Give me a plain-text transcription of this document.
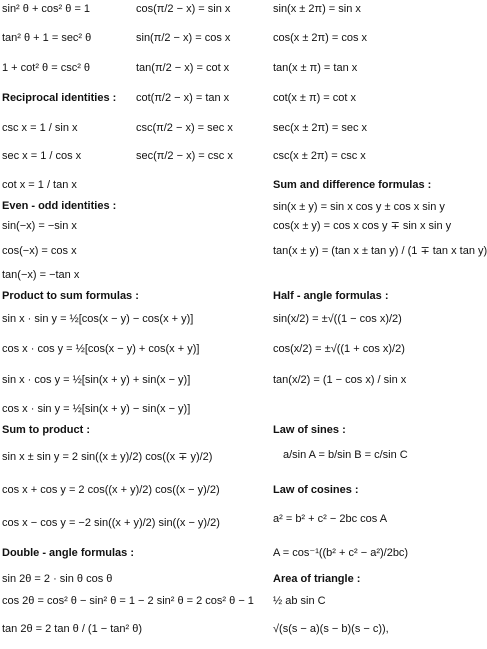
sin² θ + cos² θ = 1
tan² θ + 1 = sec² θ
1 + cot² θ = csc² θ
Reciprocal identities :
csc x = 1 / sin x
sec x = 1 / cos x
cot x = 1 / tan x
Even - odd identities :
sin(−x) = −sin x
cos(−x) = cos x
tan(−x) = −tan x
Product to sum formulas :
sin x · sin y = ½[cos(x − y) − cos(x + y)]
cos x · cos y = ½[cos(x − y) + cos(x + y)]
sin x · cos y = ½[sin(x + y) + sin(x − y)]
cos x · sin y = ½[sin(x + y) − sin(x − y)]
Sum to product :
sin x ± sin y = 2 sin((x ± y)/2) cos((x ∓ y)/2)
cos x + cos y = 2 cos((x + y)/2) cos((x − y)/2)
cos x − cos y = −2 sin((x + y)/2) sin((x − y)/2)
Double - angle formulas :
sin 2θ = 2 · sin θ cos θ
cos 2θ = cos² θ − sin² θ = 1 − 2 sin² θ = 2 cos² θ − 1
tan 2θ = 2 tan θ / (1 − tan² θ)
cos(π/2 − x) = sin x
sin(π/2 − x) = cos x
tan(π/2 − x) = cot x
cot(π/2 − x) = tan x
csc(π/2 − x) = sec x
sec(π/2 − x) = csc x
sin(x ± 2π) = sin x
cos(x ± 2π) = cos x
tan(x ± π) = tan x
cot(x ± π) = cot x
sec(x ± 2π) = sec x
csc(x ± 2π) = csc x
Sum and difference formulas :
sin(x ± y) = sin x cos y ± cos x sin y
cos(x ± y) = cos x cos y ∓ sin x sin y
tan(x ± y) = (tan x ± tan y) / (1 ∓ tan x tan y)
Half - angle formulas :
sin(x/2) = ±√((1 − cos x)/2)
cos(x/2) = ±√((1 + cos x)/2)
tan(x/2) = (1 − cos x) / sin x
Law of sines :
a/sin A = b/sin B = c/sin C
Law of cosines :
a² = b² + c² − 2bc cos A
A = cos⁻¹((b² + c² − a²)/2bc)
Area of triangle :
½ ab sin C
√(s(s − a)(s − b)(s − c)),
